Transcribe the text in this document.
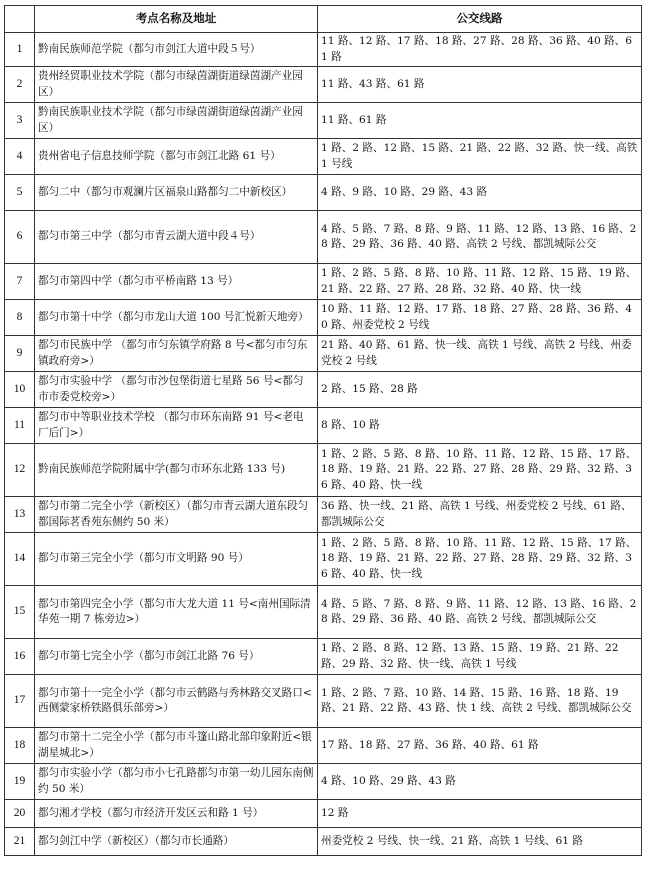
	考点名称及地址	公交线路
1	黔南民族师范学院（都匀市剑江大道中段５号）	11 路、12 路、17 路、18 路、27 路、28 路、36 路、40 路、61 路
2	贵州经贸职业技术学院（都匀市绿茵湖街道绿茵湖产业园区）	11 路、43 路、61 路
3	黔南民族职业技术学院（都匀市绿茵湖街道绿茵湖产业园区）	11 路、61 路
4	贵州省电子信息技师学院（都匀市剑江北路 61 号）	1 路、2 路、12 路、15 路、21 路、22 路、32 路、快一线、高铁 1 号线
5	都匀二中（都匀市观澜片区福泉山路都匀二中新校区）	4 路、9 路、10 路、29 路、43 路
6	都匀市第三中学（都匀市青云湖大道中段４号）	4 路、5 路、7 路、8 路、9 路、11 路、12 路、13 路、16 路、28 路、29 路、36 路、40 路、高铁 2 号线、都凯城际公交
7	都匀市第四中学（都匀市平桥南路 13 号）	1 路、2 路、5 路、8 路、10 路、11 路、12 路、15 路、19 路、21 路、22 路、27 路、28 路、32 路、40 路、快一线
8	都匀市第十中学（都匀市龙山大道 100 号汇悦新天地旁）	10 路、11 路、12 路、17 路、18 路、27 路、28 路、36 路、40 路、州委党校 2 号线
9	都匀市民族中学 （都匀市匀东镇学府路 8 号<都匀市匀东镇政府旁>）	21 路、40 路、61 路、快一线、高铁 1 号线、高铁 2 号线、州委党校 2 号线
10	都匀市实验中学 （都匀市沙包堡街道七星路 56 号<都匀市市委党校旁>）	2 路、15 路、28 路
11	都匀市中等职业技术学校 （都匀市环东南路 91 号<老电厂后门>）	8 路、10 路
12	黔南民族师范学院附属中学(都匀市环东北路 133 号)	1 路、2 路、5 路、8 路、10 路、11 路、12 路、15 路、17 路、18 路、19 路、21 路、22 路、27 路、28 路、29 路、32 路、36 路、40 路、快一线
13	都匀市第二完全小学（新校区）（都匀市青云湖大道东段匀都国际茗香苑东侧约 50 米）	36 路、快一线、21 路、高铁 1 号线、州委党校 2 号线、61 路、都凯城际公交
14	都匀市第三完全小学（都匀市文明路 90 号）	1 路、2 路、5 路、8 路、10 路、11 路、12 路、15 路、17 路、18 路、19 路、21 路、22 路、27 路、28 路、29 路、32 路、36 路、40 路、快一线
15	都匀市第四完全小学（都匀市大龙大道 11 号<南州国际清华苑一期 7 栋旁边>）	4 路、5 路、7 路、8 路、9 路、11 路、12 路、13 路、16 路、28 路、29 路、36 路、40 路、高铁 2 号线、都凯城际公交
16	都匀市第七完全小学（都匀市剑江北路 76 号）	1 路、2 路、8 路、12 路、13 路、15 路、19 路、21 路、22 路、29 路、32 路、快一线、高铁 1 号线
17	都匀市第十一完全小学（都匀市云鹤路与秀林路交叉路口<西侧蒙家桥铁路俱乐部旁>）	1 路、2 路、7 路、10 路、14 路、15 路、16 路、18 路、19 路、21 路、22 路、43 路、快 1 线、高铁 2 号线、都凯城际公交
18	都匀市第十二完全小学（都匀市斗篷山路北部印象附近<银湖星城北>）	17 路、18 路、27 路、36 路、40 路、61 路
19	都匀市实验小学（都匀市小七孔路都匀市第一幼儿园东南侧约 50 米）	4 路、10 路、29 路、43 路
20	都匀湘才学校（都匀市经济开发区云和路 1 号）	12 路
21	都匀剑江中学（新校区）（都匀市长通路）	州委党校 2 号线、快一线、21 路、高铁 1 号线、61 路
